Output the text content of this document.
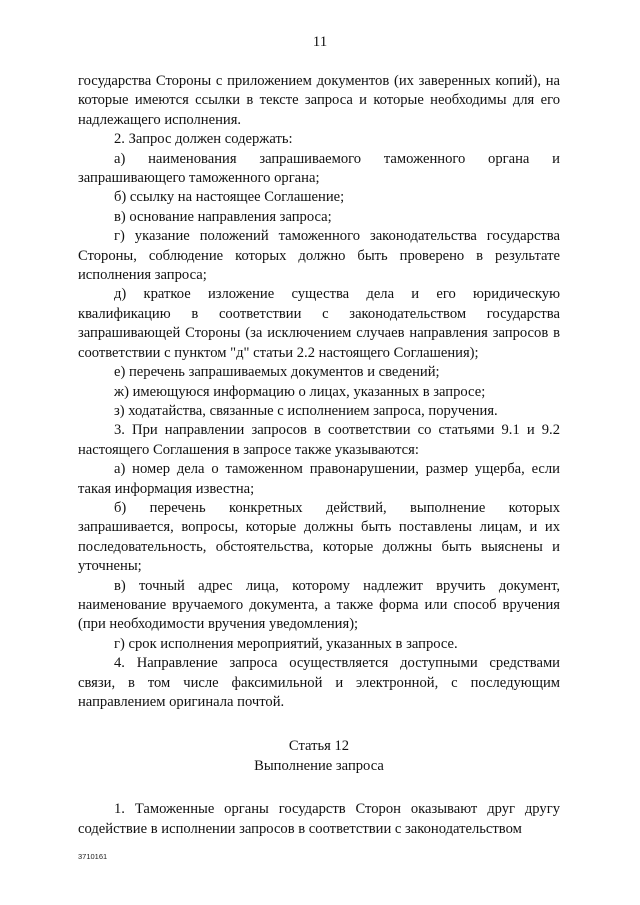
11

государства Стороны с приложением документов (их заверенных копий), на которые имеются ссылки в тексте запроса и которые необходимы для его надлежащего исполнения.

2. Запрос должен содержать:

а) наименования запрашиваемого таможенного органа и запрашивающего таможенного органа;

б) ссылку на настоящее Соглашение;

в) основание направления запроса;

г) указание положений таможенного законодательства государства Стороны, соблюдение которых должно быть проверено в результате исполнения запроса;

д) краткое изложение существа дела и его юридическую квалификацию в соответствии с законодательством государства запрашивающей Стороны (за исключением случаев направления запросов в соответствии с пунктом "д" статьи 2.2 настоящего Соглашения);

е) перечень запрашиваемых документов и сведений;

ж) имеющуюся информацию о лицах, указанных в запросе;

з) ходатайства, связанные с исполнением запроса, поручения.

3. При направлении запросов в соответствии со статьями 9.1 и 9.2 настоящего Соглашения в запросе также указываются:

а) номер дела о таможенном правонарушении, размер ущерба, если такая информация известна;

б) перечень конкретных действий, выполнение которых запрашивается, вопросы, которые должны быть поставлены лицам, и их последовательность, обстоятельства, которые должны быть выяснены и уточнены;

в) точный адрес лица, которому надлежит вручить документ, наименование вручаемого документа, а также форма или способ вручения (при необходимости вручения уведомления);

г) срок исполнения мероприятий, указанных в запросе.

4. Направление запроса осуществляется доступными средствами связи, в том числе факсимильной и электронной, с последующим направлением оригинала почтой.

Статья 12
Выполнение запроса

1. Таможенные органы государств Сторон оказывают друг другу содействие в исполнении запросов в соответствии с законодательством

3710161
